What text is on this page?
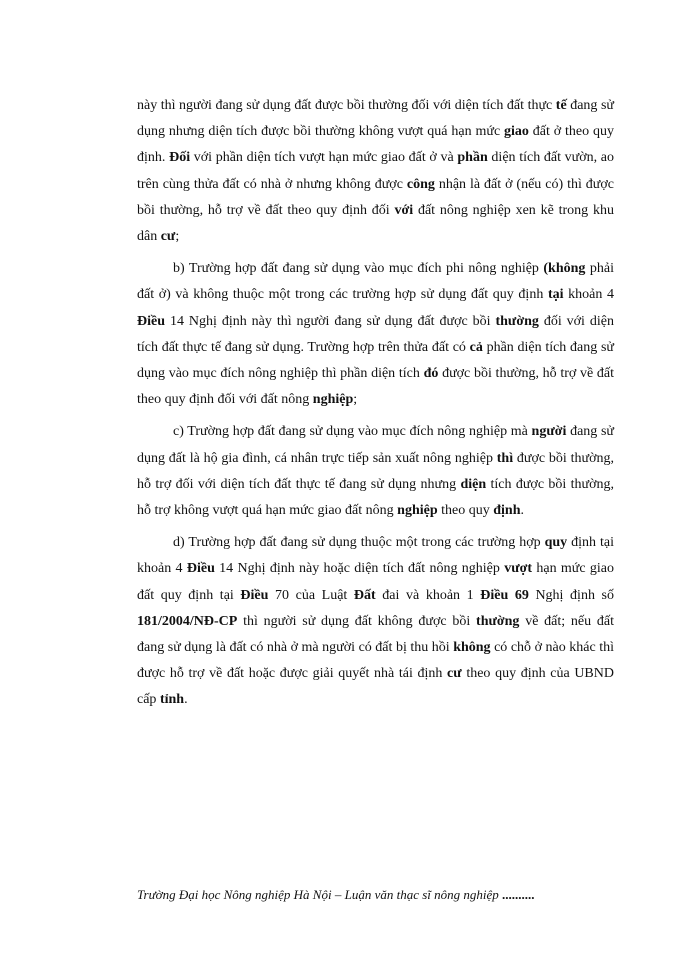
này thì người đang sử dụng đất được bồi thường đối với diện tích đất thực tế đang sử dụng nhưng diện tích được bồi thường không vượt quá hạn mức giao đất ở theo quy định. Đối với phần diện tích vượt hạn mức giao đất ở và phần diện tích đất vườn, ao trên cùng thửa đất có nhà ở nhưng không được công nhận là đất ở (nếu có) thì được bồi thường, hỗ trợ về đất theo quy định đối với đất nông nghiệp xen kẽ trong khu dân cư;

b) Trường hợp đất đang sử dụng vào mục đích phi nông nghiệp (không phải đất ở) và không thuộc một trong các trường hợp sử dụng đất quy định tại khoản 4 Điều 14 Nghị định này thì người đang sử dụng đất được bồi thường đối với diện tích đất thực tế đang sử dụng. Trường hợp trên thửa đất có cả phần diện tích đang sử dụng vào mục đích nông nghiệp thì phần diện tích đó được bồi thường, hỗ trợ về đất theo quy định đối với đất nông nghiệp;

c) Trường hợp đất đang sử dụng vào mục đích nông nghiệp mà người đang sử dụng đất là hộ gia đình, cá nhân trực tiếp sản xuất nông nghiệp thì được bồi thường, hỗ trợ đối với diện tích đất thực tế đang sử dụng nhưng diện tích được bồi thường, hỗ trợ không vượt quá hạn mức giao đất nông nghiệp theo quy định.

d) Trường hợp đất đang sử dụng thuộc một trong các trường hợp quy định tại khoản 4 Điều 14 Nghị định này hoặc diện tích đất nông nghiệp vượt hạn mức giao đất quy định tại Điều 70 của Luật Đất đai và khoản 1 Điều 69 Nghị định số 181/2004/NĐ-CP thì người sử dụng đất không được bồi thường về đất; nếu đất đang sử dụng là đất có nhà ở mà người có đất bị thu hồi không có chỗ ở nào khác thì được hỗ trợ về đất hoặc được giải quyết nhà tái định cư theo quy định của UBND cấp tỉnh.

Trường Đại học Nông nghiệp Hà Nội – Luận văn thạc sĩ nông nghiệp ..........
